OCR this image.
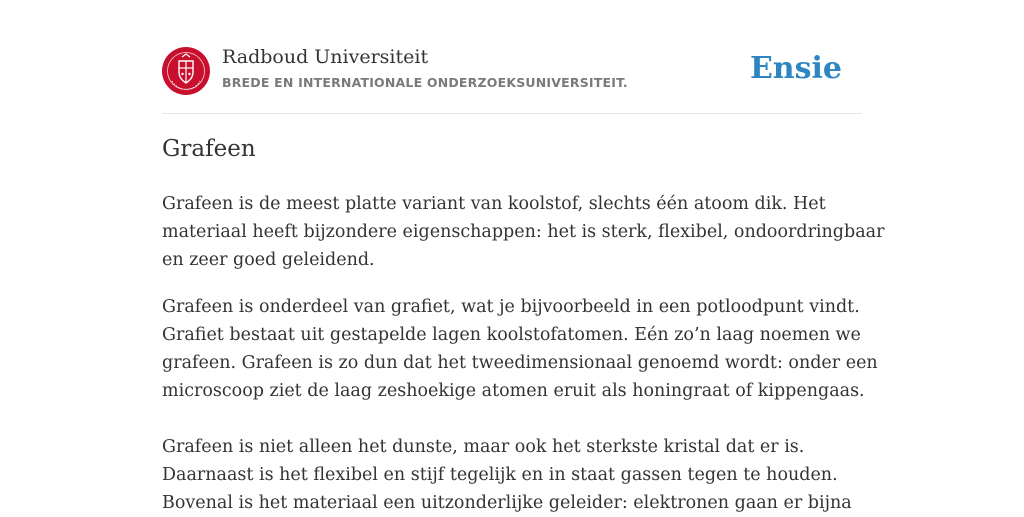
Radboud Universiteit
BREDE EN INTERNATIONALE ONDERZOEKSUNIVERSITEIT.	Ensie
Grafeen

Grafeen is de meest platte variant van koolstof, slechts één atoom dik. Het
materiaal heeft bijzondere eigenschappen: het is sterk, flexibel, ondoordringbaar
en zeer goed geleidend.

Grafeen is onderdeel van grafiet, wat je bijvoorbeeld in een potloodpunt vindt.
Grafiet bestaat uit gestapelde lagen koolstofatomen. Eén zo’n laag noemen we
grafeen. Grafeen is zo dun dat het tweedimensionaal genoemd wordt: onder een
microscoop ziet de laag zeshoekige atomen eruit als honingraat of kippengaas.

Grafeen is niet alleen het dunste, maar ook het sterkste kristal dat er is.
Daarnaast is het flexibel en stijf tegelijk en in staat gassen tegen te houden.
Bovenal is het materiaal een uitzonderlijke geleider: elektronen gaan er bijna
